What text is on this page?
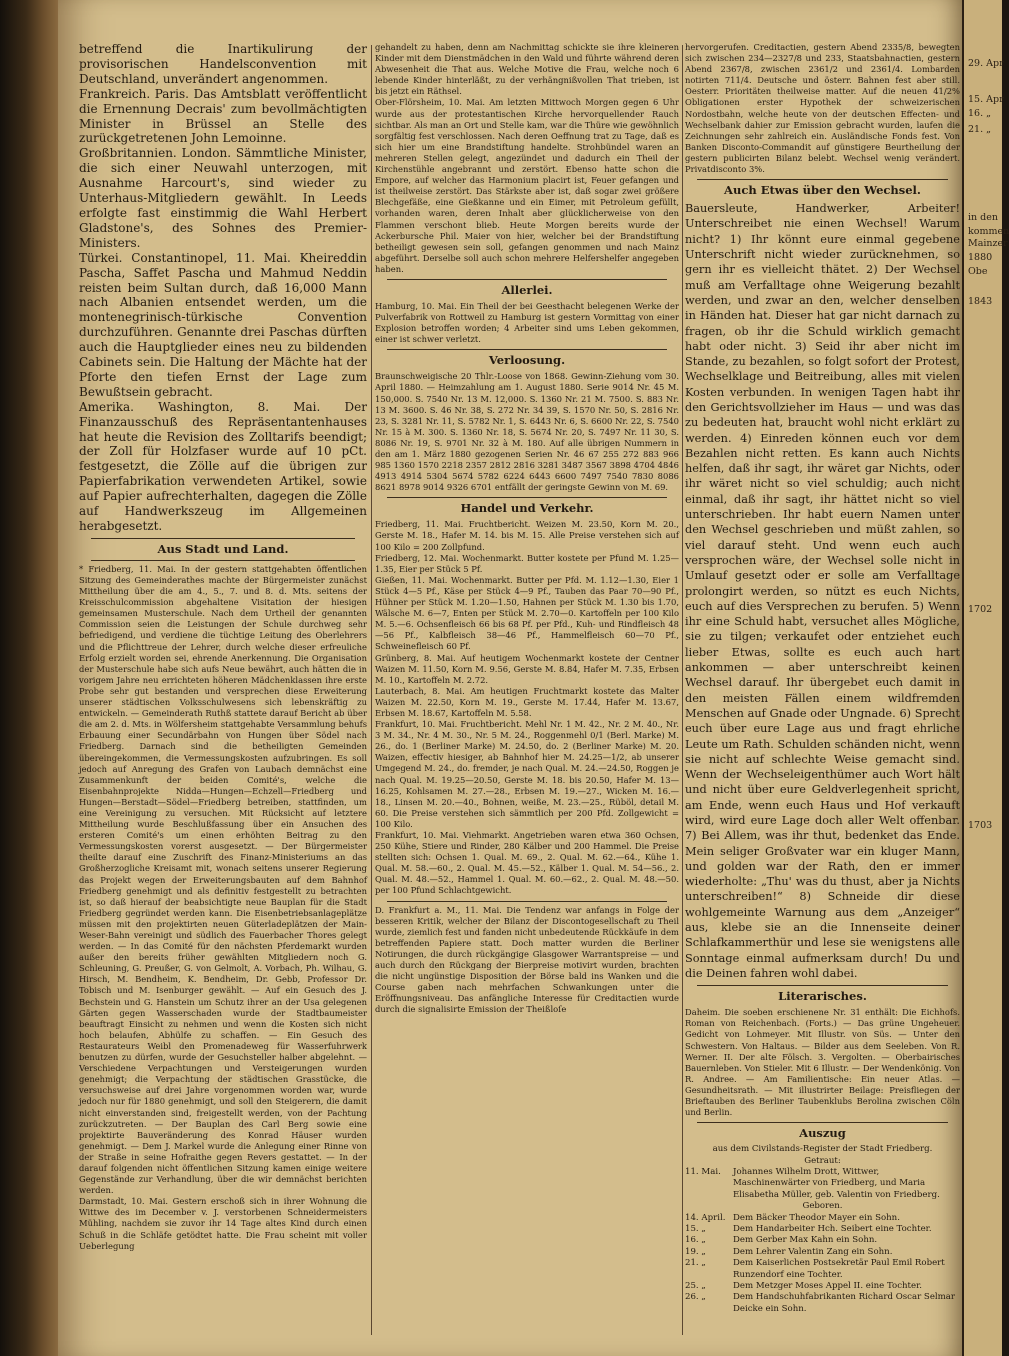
betreffend die Inartikulirung der provisorischen Handelsconvention mit Deutschland, unverändert angenommen.

Frankreich. Paris. Das Amtsblatt veröffentlicht die Ernennung Decrais' zum bevollmächtigten Minister in Brüssel an Stelle des zurückgetretenen John Lemoinne.

Großbritannien. London. Sämmtliche Minister, die sich einer Neuwahl unterzogen, mit Ausnahme Harcourt's, sind wieder zu Unterhaus-Mitgliedern gewählt. In Leeds erfolgte fast einstimmig die Wahl Herbert Gladstone's, des Sohnes des Premier-Ministers.

Türkei. Constantinopel, 11. Mai. Kheireddin Pascha, Saffet Pascha und Mahmud Neddin reisten beim Sultan durch, daß 16,000 Mann nach Albanien entsendet werden, um die montenegrinisch-türkische Convention durchzuführen. Genannte drei Paschas dürften auch die Hauptglieder eines neu zu bildenden Cabinets sein. Die Haltung der Mächte hat der Pforte den tiefen Ernst der Lage zum Bewußtsein gebracht.

Amerika. Washington, 8. Mai. Der Finanzausschuß des Repräsentantenhauses hat heute die Revision des Zolltarifs beendigt; der Zoll für Holzfaser wurde auf 10 pCt. festgesetzt, die Zölle auf die übrigen zur Papierfabrikation verwendeten Artikel, sowie auf Papier aufrechterhalten, dagegen die Zölle auf Handwerkszeug im Allgemeinen herabgesetzt.

Aus Stadt und Land.

* Friedberg, 11. Mai. In der gestern stattgehabten öffentlichen Sitzung des Gemeinderathes machte der Bürgermeister zunächst Mittheilung über die am 4., 5., 7. und 8. d. Mts. seitens der Kreisschulcommission abgehaltene Visitation der hiesigen gemeinsamen Musterschule. Nach dem Urtheil der genannten Commission seien die Leistungen der Schule durchweg sehr befriedigend, und verdiene die tüchtige Leitung des Oberlehrers und die Pflichttreue der Lehrer, durch welche dieser erfreuliche Erfolg erzielt worden sei, ehrende Anerkennung. Die Organisation der Musterschule habe sich aufs Neue bewährt, auch hätten die in vorigem Jahre neu errichteten höheren Mädchenklassen ihre erste Probe sehr gut bestanden und versprechen diese Erweiterung unserer städtischen Volksschulwesens sich lebenskräftig zu entwickeln. — Gemeinderath Ruthß stattete darauf Bericht ab über die am 2. d. Mts. in Wölfersheim stattgehabte Versammlung behufs Erbauung einer Secundärbahn von Hungen über Södel nach Friedberg. Darnach sind die betheiligten Gemeinden übereingekommen, die Vermessungskosten aufzubringen. Es soll jedoch auf Anregung des Grafen von Laubach demnächst eine Zusammenkunft der beiden Comité's, welche die Eisenbahnprojekte Nidda—Hungen—Echzell—Friedberg und Hungen—Berstadt—Södel—Friedberg betreiben, stattfinden, um eine Vereinigung zu versuchen. Mit Rücksicht auf letztere Mittheilung wurde Beschlußfassung über ein Ansuchen des ersteren Comité's um einen erhöhten Beitrag zu den Vermessungskosten vorerst ausgesetzt. — Der Bürgermeister theilte darauf eine Zuschrift des Finanz-Ministeriums an das Großherzogliche Kreisamt mit, wonach seitens unserer Regierung das Projekt wegen der Erweiterungsbauten auf dem Bahnhof Friedberg genehmigt und als definitiv festgestellt zu betrachten ist, so daß hierauf der beabsichtigte neue Bauplan für die Stadt Friedberg gegründet werden kann. Die Eisenbetriebsanlageplätze müssen mit den projektirten neuen Güterladeplätzen der Main-Weser-Bahn vereinigt und südlich des Fauerbacher Thores gelegt werden. — In das Comité für den nächsten Pferdemarkt wurden außer den bereits früher gewählten Mitgliedern noch G. Schleuning, G. Preußer, G. von Gelmolt, A. Vorbach, Ph. Wilhau, G. Hirsch, M. Bendheim, K. Bendheim, Dr. Gebb, Professor Dr. Tobisch und M. Isenburger gewählt. — Auf ein Gesuch des J. Bechstein und G. Hanstein um Schutz ihrer an der Usa gelegenen Gärten gegen Wasserschaden wurde der Stadtbaumeister beauftragt Einsicht zu nehmen und wenn die Kosten sich nicht hoch belaufen, Abhülfe zu schaffen. — Ein Gesuch des Restaurateurs Weibl den Promenadeweg für Wasserfuhrwerk benutzen zu dürfen, wurde der Gesuchsteller halber abgelehnt. — Verschiedene Verpachtungen und Versteigerungen wurden genehmigt; die Verpachtung der städtischen Grasstücke, die versuchsweise auf drei Jahre vorgenommen worden war, wurde jedoch nur für 1880 genehmigt, und soll den Steigerern, die damit nicht einverstanden sind, freigestellt werden, von der Pachtung zurückzutreten. — Der Bauplan des Carl Berg sowie eine projektirte Bauveränderung des Konrad Häuser wurden genehmigt. — Dem J. Markel wurde die Anlegung einer Rinne von der Straße in seine Hofraithe gegen Revers gestattet. — In der darauf folgenden nicht öffentlichen Sitzung kamen einige weitere Gegenstände zur Verhandlung, über die wir demnächst berichten werden.

Darmstadt, 10. Mai. Gestern erschoß sich in ihrer Wohnung die Wittwe des im December v. J. verstorbenen Schneidermeisters Mühling, nachdem sie zuvor ihr 14 Tage altes Kind durch einen Schuß in die Schläfe getödtet hatte. Die Frau scheint mit voller Ueberlegung

gehandelt zu haben, denn am Nachmittag schickte sie ihre kleineren Kinder mit dem Dienstmädchen in den Wald und führte während deren Abwesenheit die That aus. Welche Motive die Frau, welche noch 6 lebende Kinder hinterläßt, zu der verhängnißvollen That trieben, ist bis jetzt ein Räthsel.

Ober-Flörsheim, 10. Mai. Am letzten Mittwoch Morgen gegen 6 Uhr wurde aus der protestantischen Kirche hervorquellender Rauch sichtbar. Als man an Ort und Stelle kam, war die Thüre wie gewöhnlich sorgfältig fest verschlossen. Nach deren Oeffnung trat zu Tage, daß es sich hier um eine Brandstiftung handelte. Strohbündel waren an mehreren Stellen gelegt, angezündet und dadurch ein Theil der Kirchenstühle angebrannt und zerstört. Ebenso hatte schon die Empore, auf welcher das Harmonium placirt ist, Feuer gefangen und ist theilweise zerstört. Das Stärkste aber ist, daß sogar zwei größere Blechgefäße, eine Gießkanne und ein Eimer, mit Petroleum gefüllt, vorhanden waren, deren Inhalt aber glücklicherweise von den Flammen verschont blieb. Heute Morgen bereits wurde der Ackerbursche Phil. Maier von hier, welcher bei der Brandstiftung betheiligt gewesen sein soll, gefangen genommen und nach Mainz abgeführt. Derselbe soll auch schon mehrere Helfershelfer angegeben haben.

Allerlei.

Hamburg, 10. Mai. Ein Theil der bei Geesthacht belegenen Werke der Pulverfabrik von Rottweil zu Hamburg ist gestern Vormittag von einer Explosion betroffen worden; 4 Arbeiter sind ums Leben gekommen, einer ist schwer verletzt.

Verloosung.

Braunschweigische 20 Thlr.-Loose von 1868. Gewinn-Ziehung vom 30. April 1880. — Heimzahlung am 1. August 1880. Serie 9014 Nr. 45 M. 150,000. S. 7540 Nr. 13 M. 12,000. S. 1360 Nr. 21 M. 7500. S. 883 Nr. 13 M. 3600. S. 46 Nr. 38, S. 272 Nr. 34 39, S. 1570 Nr. 50, S. 2816 Nr. 23, S. 3281 Nr. 11, S. 5782 Nr. 1, S. 6443 Nr. 6, S. 6600 Nr. 22, S. 7540 Nr. 15 à M. 300. S. 1360 Nr. 18, S. 5674 Nr. 20, S. 7497 Nr. 11 30, S. 8086 Nr. 19, S. 9701 Nr. 32 à M. 180. Auf alle übrigen Nummern in den am 1. März 1880 gezogenen Serien Nr. 46 67 255 272 883 966 985 1360 1570 2218 2357 2812 2816 3281 3487 3567 3898 4704 4846 4913 4914 5304 5674 5782 6224 6443 6600 7497 7540 7830 8086 8621 8978 9014 9326 6701 entfällt der geringste Gewinn von M. 69.

Handel und Verkehr.

Friedberg, 11. Mai. Fruchtbericht. Weizen M. 23.50, Korn M. 20., Gerste M. 18., Hafer M. 14. bis M. 15. Alle Preise verstehen sich auf 100 Kilo = 200 Zollpfund.

Friedberg, 12. Mai. Wochenmarkt. Butter kostete per Pfund M. 1.25—1.35, Eier per Stück 5 Pf.

Gießen, 11. Mai. Wochenmarkt. Butter per Pfd. M. 1.12—1.30, Eier 1 Stück 4—5 Pf., Käse per Stück 4—9 Pf., Tauben das Paar 70—90 Pf., Hühner per Stück M. 1.20—1.50, Hahnen per Stück M. 1.30 bis 1.70, Wälsche M. 6—7, Enten per Stück M. 2.70—0. Kartoffeln per 100 Kilo M. 5.—6. Ochsenfleisch 66 bis 68 Pf. per Pfd., Kuh- und Rindfleisch 48—56 Pf., Kalbfleisch 38—46 Pf., Hammelfleisch 60—70 Pf., Schweinefleisch 60 Pf.

Grünberg, 8. Mai. Auf heutigem Wochenmarkt kostete der Centner Waizen M. 11.50, Korn M. 9.56, Gerste M. 8.84, Hafer M. 7.35, Erbsen M. 10., Kartoffeln M. 2.72.

Lauterbach, 8. Mai. Am heutigen Fruchtmarkt kostete das Malter Waizen M. 22.50, Korn M. 19., Gerste M. 17.44, Hafer M. 13.67, Erbsen M. 18.67, Kartoffeln M. 5.58.

Frankfurt, 10. Mai. Fruchtbericht. Mehl Nr. 1 M. 42., Nr. 2 M. 40., Nr. 3 M. 34., Nr. 4 M. 30., Nr. 5 M. 24., Roggenmehl 0/1 (Berl. Marke) M. 26., do. 1 (Berliner Marke) M. 24.50, do. 2 (Berliner Marke) M. 20. Waizen, effectiv hiesiger, ab Bahnhof hier M. 24.25—1/2, ab unserer Umgegend M. 24., do. fremder, je nach Qual. M. 24.—24.50, Roggen je nach Qual. M. 19.25—20.50, Gerste M. 18. bis 20.50, Hafer M. 13—16.25, Kohlsamen M. 27.—28., Erbsen M. 19.—27., Wicken M. 16.—18., Linsen M. 20.—40., Bohnen, weiße, M. 23.—25., Rüböl, detail M. 60. Die Preise verstehen sich sämmtlich per 200 Pfd. Zollgewicht = 100 Kilo.

Frankfurt, 10. Mai. Viehmarkt. Angetrieben waren etwa 360 Ochsen, 250 Kühe, Stiere und Rinder, 280 Kälber und 200 Hammel. Die Preise stellten sich: Ochsen 1. Qual. M. 69., 2. Qual. M. 62.—64., Kühe 1. Qual. M. 58.—60., 2. Qual. M. 45.—52., Kälber 1. Qual. M. 54—56., 2. Qual. M. 48.—52., Hammel 1. Qual. M. 60.—62., 2. Qual. M. 48.—50. per 100 Pfund Schlachtgewicht.

D. Frankfurt a. M., 11. Mai. Die Tendenz war anfangs in Folge der besseren Kritik, welcher der Bilanz der Discontogesellschaft zu Theil wurde, ziemlich fest und fanden nicht unbedeutende Rückkäufe in dem betreffenden Papiere statt. Doch matter wurden die Berliner Notirungen, die durch rückgängige Glasgower Warrantspreise — und auch durch den Rückgang der Bierpreise motivirt wurden, brachten die nicht ungünstige Disposition der Börse bald ins Wanken und die Course gaben nach mehrfachen Schwankungen unter die Eröffnungsniveau. Das anfängliche Interesse für Creditactien wurde durch die signalisirte Emission der Theißloſe

hervorgerufen. Creditactien, gestern Abend 2335/8, bewegten sich zwischen 234—2327/8 und 233, Staatsbahnactien, gestern Abend 2367/8, zwischen 2361/2 und 2361/4. Lombarden notirten 711/4. Deutsche und österr. Bahnen fest aber still. Oesterr. Prioritäten theilweise matter. Auf die neuen 41/2% Obligationen erster Hypothek der schweizerischen Nordostbahn, welche heute von der deutschen Effecten- und Wechselbank dahier zur Emission gebracht wurden, laufen die Zeichnungen sehr zahlreich ein. Ausländische Fonds fest. Von Banken Disconto-Commandit auf günstigere Beurtheilung der gestern publicirten Bilanz belebt. Wechsel wenig verändert. Privatdisconto 3%.

Auch Etwas über den Wechsel.

Bauersleute, Handwerker, Arbeiter! Unterschreibet nie einen Wechsel! Warum nicht? 1) Ihr könnt eure einmal gegebene Unterschrift nicht wieder zurücknehmen, so gern ihr es vielleicht thätet. 2) Der Wechsel muß am Verfalltage ohne Weigerung bezahlt werden, und zwar an den, welcher denselben in Händen hat. Dieser hat gar nicht darnach zu fragen, ob ihr die Schuld wirklich gemacht habt oder nicht. 3) Seid ihr aber nicht im Stande, zu bezahlen, so folgt sofort der Protest, Wechselklage und Beitreibung, alles mit vielen Kosten verbunden. In wenigen Tagen habt ihr den Gerichtsvollzieher im Haus — und was das zu bedeuten hat, braucht wohl nicht erklärt zu werden. 4) Einreden können euch vor dem Bezahlen nicht retten. Es kann auch Nichts helfen, daß ihr sagt, ihr wäret gar Nichts, oder ihr wäret nicht so viel schuldig; auch nicht einmal, daß ihr sagt, ihr hättet nicht so viel unterschrieben. Ihr habt euern Namen unter den Wechsel geschrieben und müßt zahlen, so viel darauf steht. Und wenn euch auch versprochen wäre, der Wechsel solle nicht in Umlauf gesetzt oder er solle am Verfalltage prolongirt werden, so nützt es euch Nichts, euch auf dies Versprechen zu berufen. 5) Wenn ihr eine Schuld habt, versuchet alles Mögliche, sie zu tilgen; verkaufet oder entziehet euch lieber Etwas, sollte es euch auch hart ankommen — aber unterschreibt keinen Wechsel darauf. Ihr übergebet euch damit in den meisten Fällen einem wildfremden Menschen auf Gnade oder Ungnade. 6) Sprecht euch über eure Lage aus und fragt ehrliche Leute um Rath. Schulden schänden nicht, wenn sie nicht auf schlechte Weise gemacht sind. Wenn der Wechseleigenthümer auch Wort hält und nicht über eure Geldverlegenheit spricht, am Ende, wenn euch Haus und Hof verkauft wird, wird eure Lage doch aller Welt offenbar. 7) Bei Allem, was ihr thut, bedenket das Ende. Mein seliger Großvater war ein kluger Mann, und golden war der Rath, den er immer wiederholte: „Thu' was du thust, aber ja Nichts unterschreiben!“ 8) Schneide dir diese wohlgemeinte Warnung aus dem „Anzeiger“ aus, klebe sie an die Innenseite deiner Schlafkammerthür und lese sie wenigstens alle Sonntage einmal aufmerksam durch! Du und die Deinen fahren wohl dabei.

Literarisches.

Daheim. Die soeben erschienene Nr. 31 enthält: Die Eichhofs. Roman von Reichenbach. (Forts.) — Das grüne Ungeheuer. Gedicht von Lohmeyer. Mit Illustr. von Süs. — Unter den Schwestern. Von Haltaus. — Bilder aus dem Seeleben. Von R. Werner. II. Der alte Fölsch. 3. Vergolten. — Oberbairisches Bauernleben. Von Stieler. Mit 6 Illustr. — Der Wendenkönig. Von R. Andree. — Am Familientische: Ein neuer Atlas. — Gesundheitsrath. — Mit illustrirter Beilage: Preisfliegen der Brieftauben des Berliner Taubenklubs Berolina zwischen Cöln und Berlin.

Auszug
aus dem Civilstands-Register der Stadt Friedberg.
Getraut:
11. Mai.	Johannes Wilhelm Drott, Wittwer, Maschinenwärter von Friedberg, und Maria Elisabetha Müller, geb. Valentin von Friedberg.
Geboren.
14. April.	Dem Bäcker Theodor Mayer ein Sohn.
15. „	Dem Handarbeiter Hch. Seibert eine Tochter.
16. „	Dem Gerber Max Kahn ein Sohn.
19. „	Dem Lehrer Valentin Zang ein Sohn.
21. „	Dem Kaiserlichen Postsekretär Paul Emil Robert Runzendorf eine Tochter.
25. „	Dem Metzger Moses Appel II. eine Tochter.
26. „	Dem Handschuhfabrikanten Richard Oscar Selmar Deicke ein Sohn.
29. Apr
15. Apr
16. „
21. „
in den
kommen
Mainzer
1880
Obe
1843
1702
1703
